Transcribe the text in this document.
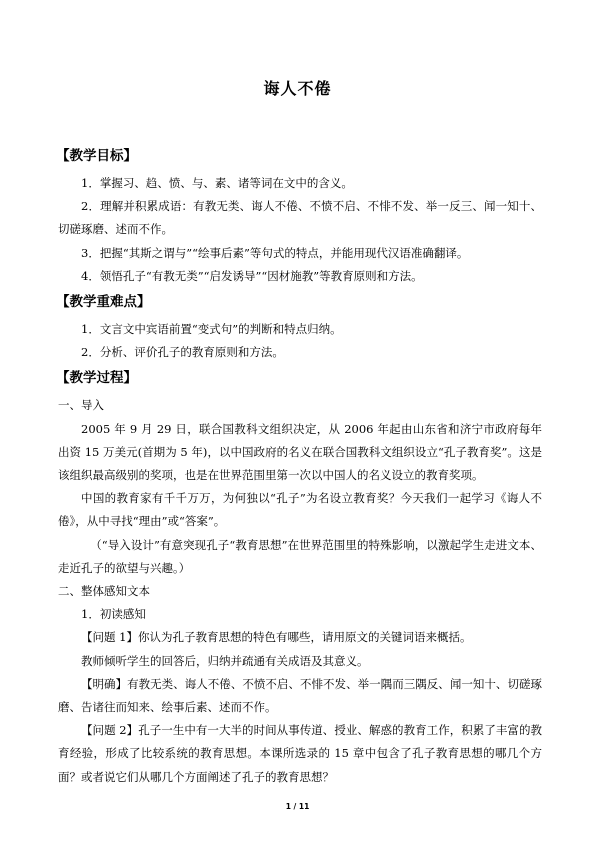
诲人不倦
【教学目标】

1．掌握习、趋、愤、与、素、诸等词在文中的含义。

2．理解并积累成语：有教无类、诲人不倦、不愤不启、不悱不发、举一反三、闻一知十、切磋琢磨、述而不作。

3．把握“其斯之谓与”“绘事后素”等句式的特点，并能用现代汉语准确翻译。

4．领悟孔子“有教无类”“启发诱导”“因材施教”等教育原则和方法。

【教学重难点】

1．文言文中宾语前置“变式句”的判断和特点归纳。

2．分析、评价孔子的教育原则和方法。

【教学过程】

一、导入

2005 年 9 月 29 日，联合国教科文组织决定，从 2006 年起由山东省和济宁市政府每年出资 15 万美元(首期为 5 年)，以中国政府的名义在联合国教科文组织设立“孔子教育奖”。这是该组织最高级别的奖项，也是在世界范围里第一次以中国人的名义设立的教育奖项。

中国的教育家有千千万万，为何独以“孔子”为名设立教育奖？今天我们一起学习《诲人不倦》，从中寻找“理由”或“答案”。

（“导入设计”有意突现孔子“教育思想”在世界范围里的特殊影响，以激起学生走进文本、走近孔子的欲望与兴趣。）

二、整体感知文本

1．初读感知

【问题 1】你认为孔子教育思想的特色有哪些，请用原文的关键词语来概括。

教师倾听学生的回答后，归纳并疏通有关成语及其意义。

【明确】有教无类、诲人不倦、不愤不启、不悱不发、举一隅而三隅反、闻一知十、切磋琢磨、告诸往而知来、绘事后素、述而不作。

【问题 2】孔子一生中有一大半的时间从事传道、授业、解惑的教育工作，积累了丰富的教育经验，形成了比较系统的教育思想。本课所选录的 15 章中包含了孔子教育思想的哪几个方面？或者说它们从哪几个方面阐述了孔子的教育思想？

1 / 11
